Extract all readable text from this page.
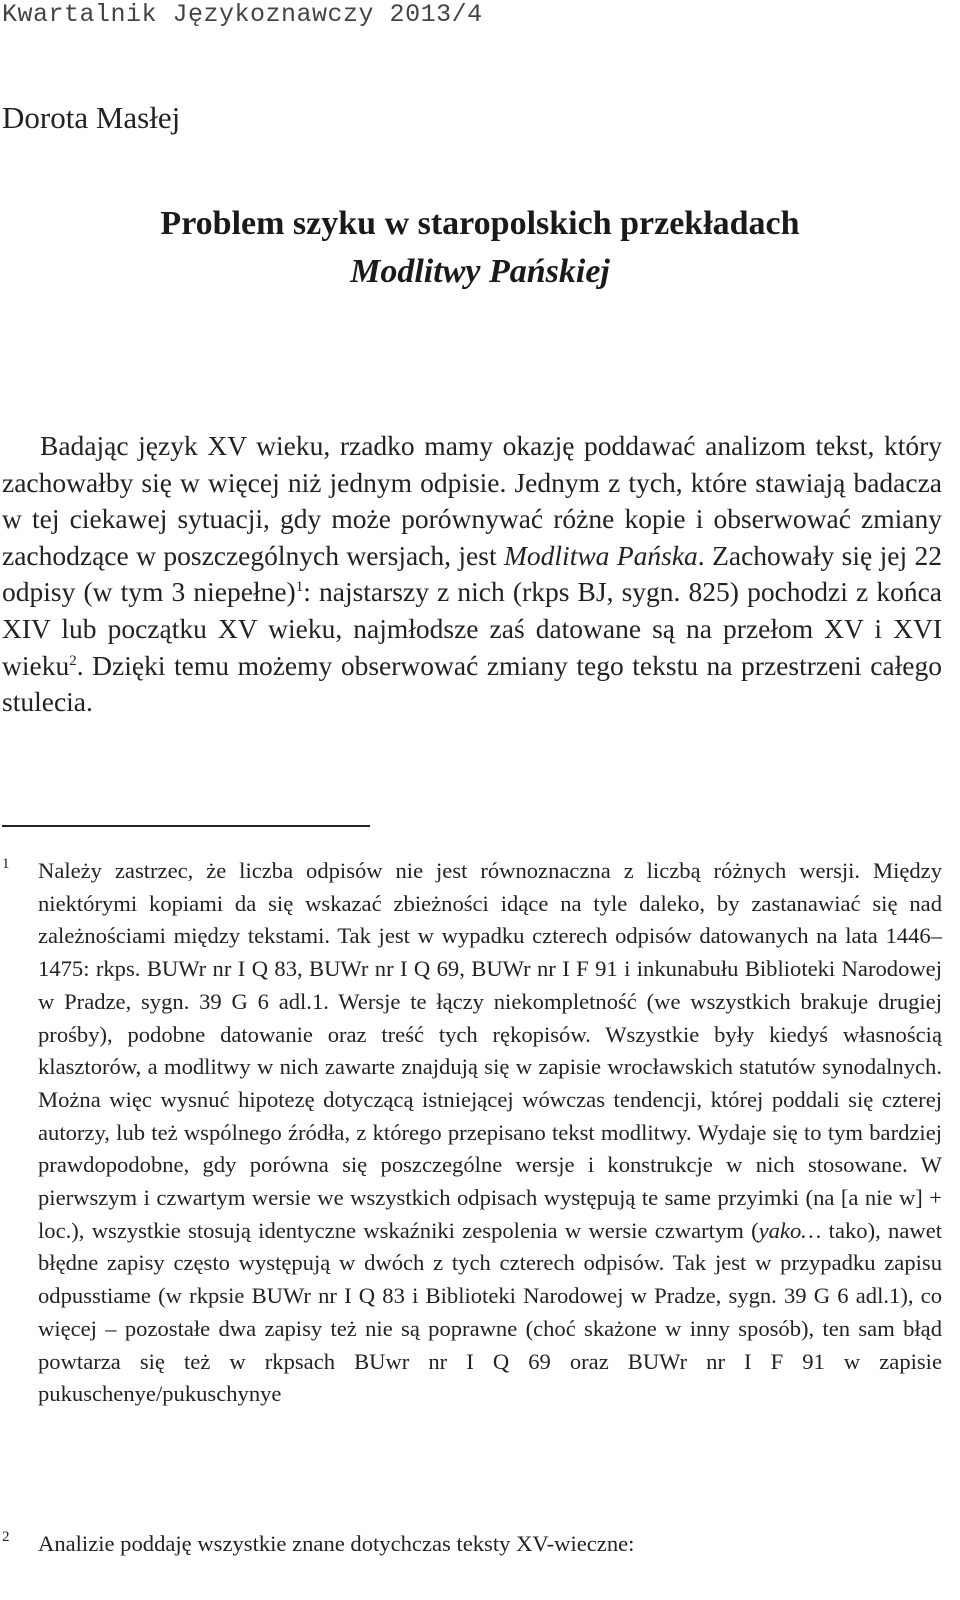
Kwartalnik Językoznawczy 2013/4
Dorota Masłej
Problem szyku w staropolskich przekładach
Modlitwy Pańskiej

Badając język XV wieku, rzadko mamy okazję poddawać analizom tekst, który zachowałby się w więcej niż jednym odpisie. Jednym z tych, które stawiają badacza w tej ciekawej sytuacji, gdy może porównywać różne kopie i obserwować zmiany zachodzące w poszczególnych wersjach, jest Modlitwa Pańska. Zachowały się jej 22 odpisy (w tym 3 niepełne)$^1$: najstarszy z nich (rkps BJ, sygn. 825) pochodzi z końca XIV lub początku XV wieku, najmłodsze zaś datowane są na przełom XV i XVI wieku$^2$. Dzięki temu możemy obserwować zmiany tego tekstu na przestrzeni całego stulecia.

1 Należy zastrzec, że liczba odpisów nie jest równoznaczna z liczbą różnych wersji. Między niektórymi kopiami da się wskazać zbieżności idące na tyle daleko, by zastanawiać się nad zależnościami między tekstami. Tak jest w wypadku czterech odpisów datowanych na lata 1446–1475: rkps. BUWr nr I Q 83, BUWr nr I Q 69, BUWr nr I F 91 i inkunabułu Biblioteki Narodowej w Pradze, sygn. 39 G 6 adl.1. Wersje te łączy niekompletność (we wszystkich brakuje drugiej prośby), podobne datowanie oraz treść tych rękopisów. Wszystkie były kiedyś własnością klasztorów, a modlitwy w nich zawarte znajdują się w zapisie wrocławskich statutów synodalnych. Można więc wysnuć hipotezę dotyczącą istniejącej wówczas tendencji, której poddali się czterej autorzy, lub też wspólnego źródła, z którego przepisano tekst modlitwy. Wydaje się to tym bardziej prawdopodobne, gdy porówna się poszczególne wersje i konstrukcje w nich stosowane. W pierwszym i czwartym wersie we wszystkich odpisach występują te same przyimki (na [a nie w] + loc.), wszystkie stosują identyczne wskaźniki zespolenia w wersie czwartym (yako… tako), nawet błędne zapisy często występują w dwóch z tych czterech odpisów. Tak jest w przypadku zapisu odpusstiame (w rkpsie BUWr nr I Q 83 i Biblioteki Narodowej w Pradze, sygn. 39 G 6 adl.1), co więcej – pozostałe dwa zapisy też nie są poprawne (choć skażone w inny sposób), ten sam błąd powtarza się też w rkpsach BUwr nr I Q 69 oraz BUWr nr I F 91 w zapisie pukuschenye/pukuschynye
2 Analizie poddaję wszystkie znane dotychczas teksty XV-wieczne:
